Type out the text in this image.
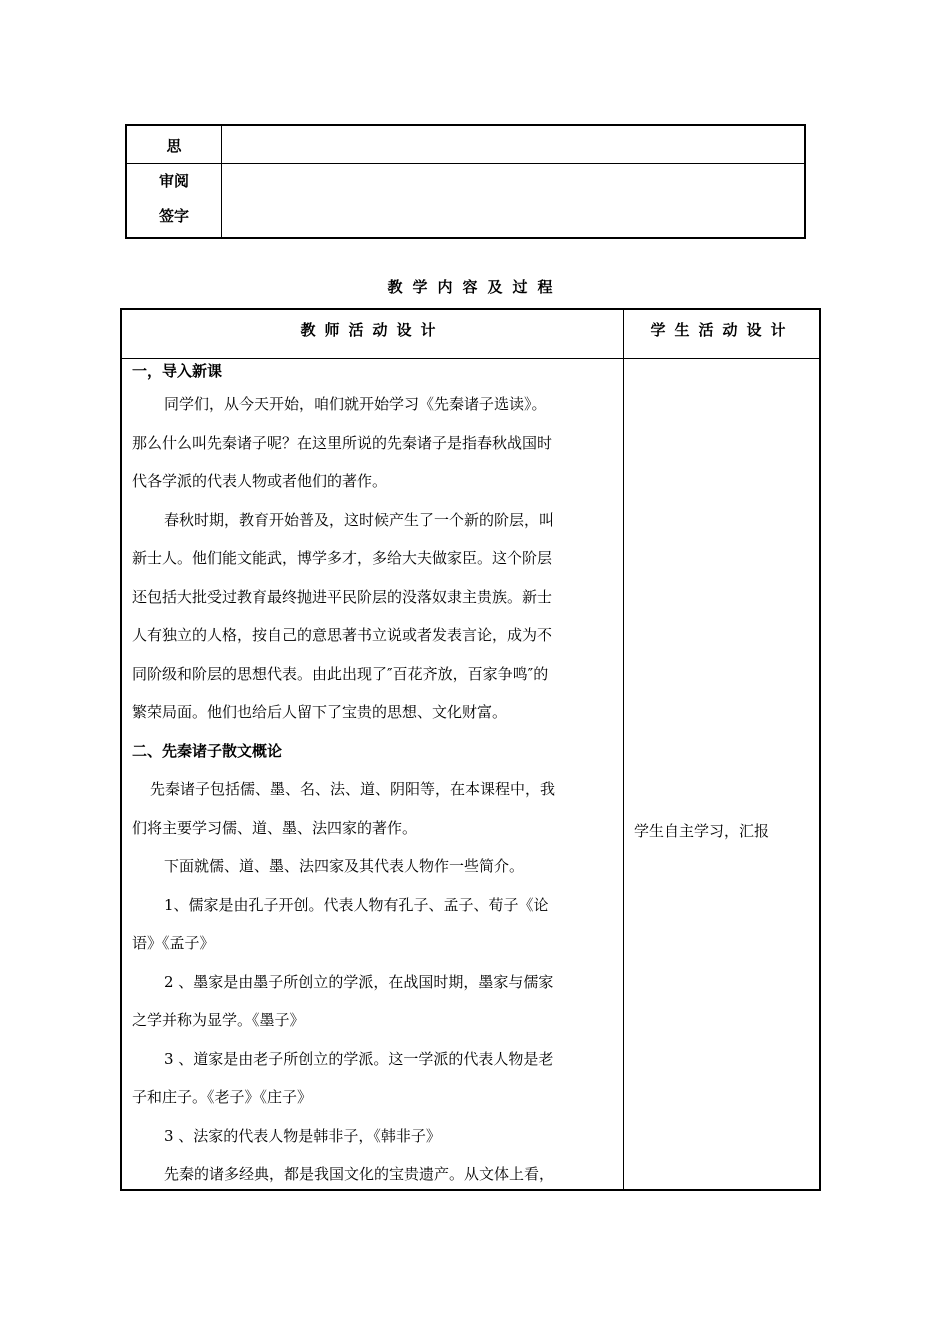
思
审阅
签字
教学内容及过程
教师活动设计	学生活动设计

一，导入新课

同学们，从今天开始，咱们就开始学习《先秦诸子选读》。

那么什么叫先秦诸子呢？在这里所说的先秦诸子是指春秋战国时

代各学派的代表人物或者他们的著作。

春秋时期，教育开始普及，这时候产生了一个新的阶层，叫

新士人。他们能文能武，博学多才，多给大夫做家臣。这个阶层

还包括大批受过教育最终抛进平民阶层的没落奴隶主贵族。新士

人有独立的人格，按自己的意思著书立说或者发表言论，成为不

同阶级和阶层的思想代表。由此出现了″百花齐放，百家争鸣″的

繁荣局面。他们也给后人留下了宝贵的思想、文化财富。

二、先秦诸子散文概论

先秦诸子包括儒、墨、名、法、道、阴阳等，在本课程中，我

们将主要学习儒、道、墨、法四家的著作。

下面就儒、道、墨、法四家及其代表人物作一些简介。

1、儒家是由孔子开创。代表人物有孔子、孟子、荀子《论

语》《孟子》

2 、墨家是由墨子所创立的学派，在战国时期，墨家与儒家

之学并称为显学。《墨子》

3 、道家是由老子所创立的学派。这一学派的代表人物是老

子和庄子。《老子》《庄子》

3 、法家的代表人物是韩非子，《韩非子》

先秦的诸多经典，都是我国文化的宝贵遗产。从文体上看，

学生自主学习，汇报
